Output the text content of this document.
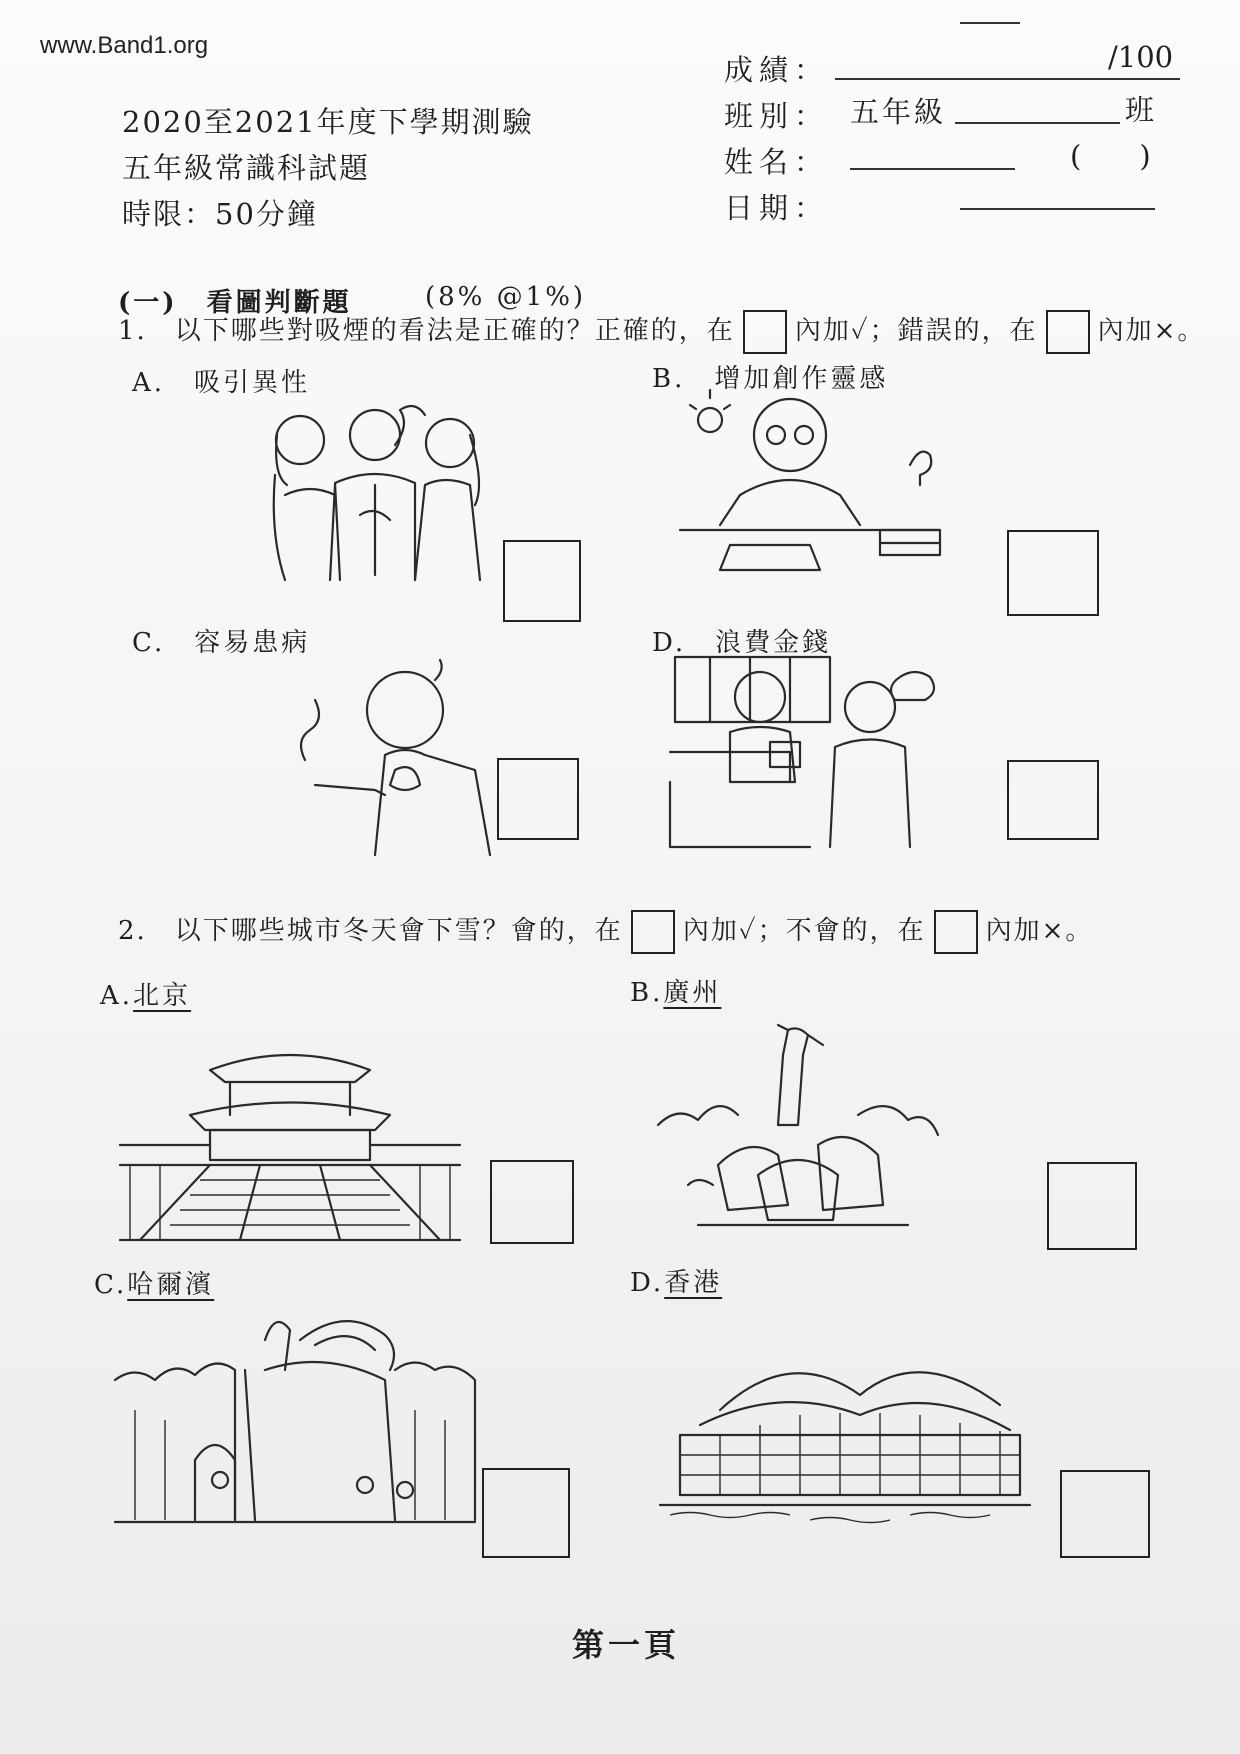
www.Band1.org
2020至2021年度下學期測驗
五年級常識科試題
時限：50分鐘
成績：	/100
班別： 五年級	班
姓名：	(　　)
日期：
(一)　看圖判斷題	(8% @1%)
1.　以下哪些對吸煙的看法是正確的？正確的，在 內加✓；錯誤的，在 內加×。
A.　吸引異性	B.　增加創作靈感
C.　容易患病	D.　浪費金錢
2.　以下哪些城市冬天會下雪？會的，在 內加✓；不會的，在 內加×。
A.北京	B.廣州
C.哈爾濱	D.香港
第一頁
